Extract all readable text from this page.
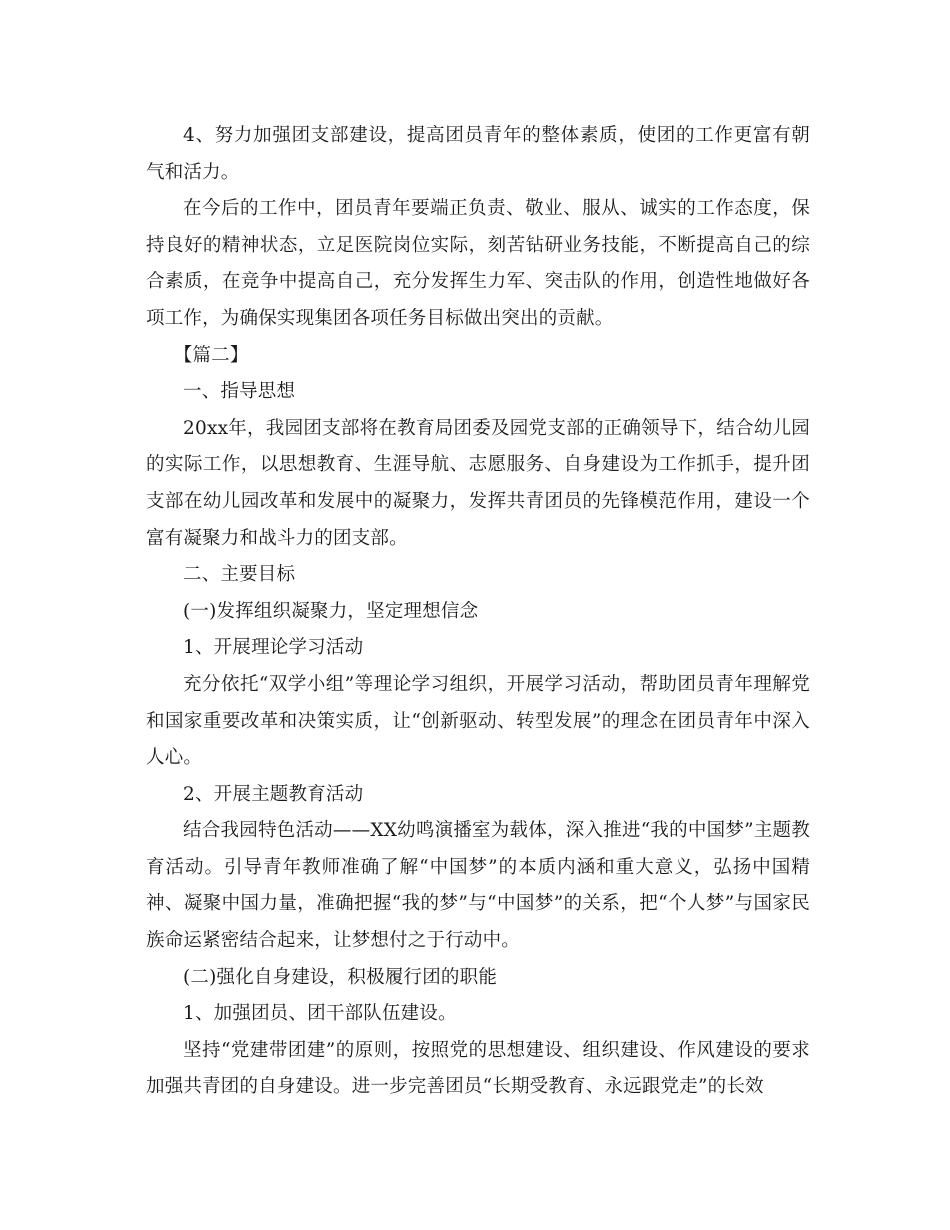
4、努力加强团支部建设，提高团员青年的整体素质，使团的工作更富有朝气和活力。

在今后的工作中，团员青年要端正负责、敬业、服从、诚实的工作态度，保持良好的精神状态，立足医院岗位实际，刻苦钻研业务技能，不断提高自己的综合素质，在竞争中提高自己，充分发挥生力军、突击队的作用，创造性地做好各项工作，为确保实现集团各项任务目标做出突出的贡献。

【篇二】

一、指导思想

20xx年，我园团支部将在教育局团委及园党支部的正确领导下，结合幼儿园的实际工作，以思想教育、生涯导航、志愿服务、自身建设为工作抓手，提升团支部在幼儿园改革和发展中的凝聚力，发挥共青团员的先锋模范作用，建设一个富有凝聚力和战斗力的团支部。

二、主要目标

(一)发挥组织凝聚力，坚定理想信念

1、开展理论学习活动

充分依托“双学小组”等理论学习组织，开展学习活动，帮助团员青年理解党和国家重要改革和决策实质，让“创新驱动、转型发展”的理念在团员青年中深入人心。

2、开展主题教育活动

结合我园特色活动——XX幼鸣演播室为载体，深入推进“我的中国梦”主题教育活动。引导青年教师准确了解“中国梦”的本质内涵和重大意义，弘扬中国精神、凝聚中国力量，准确把握“我的梦”与“中国梦”的关系，把“个人梦”与国家民族命运紧密结合起来，让梦想付之于行动中。

(二)强化自身建设，积极履行团的职能

1、加强团员、团干部队伍建设。

坚持“党建带团建”的原则，按照党的思想建设、组织建设、作风建设的要求加强共青团的自身建设。进一步完善团员“长期受教育、永远跟党走”的长效
